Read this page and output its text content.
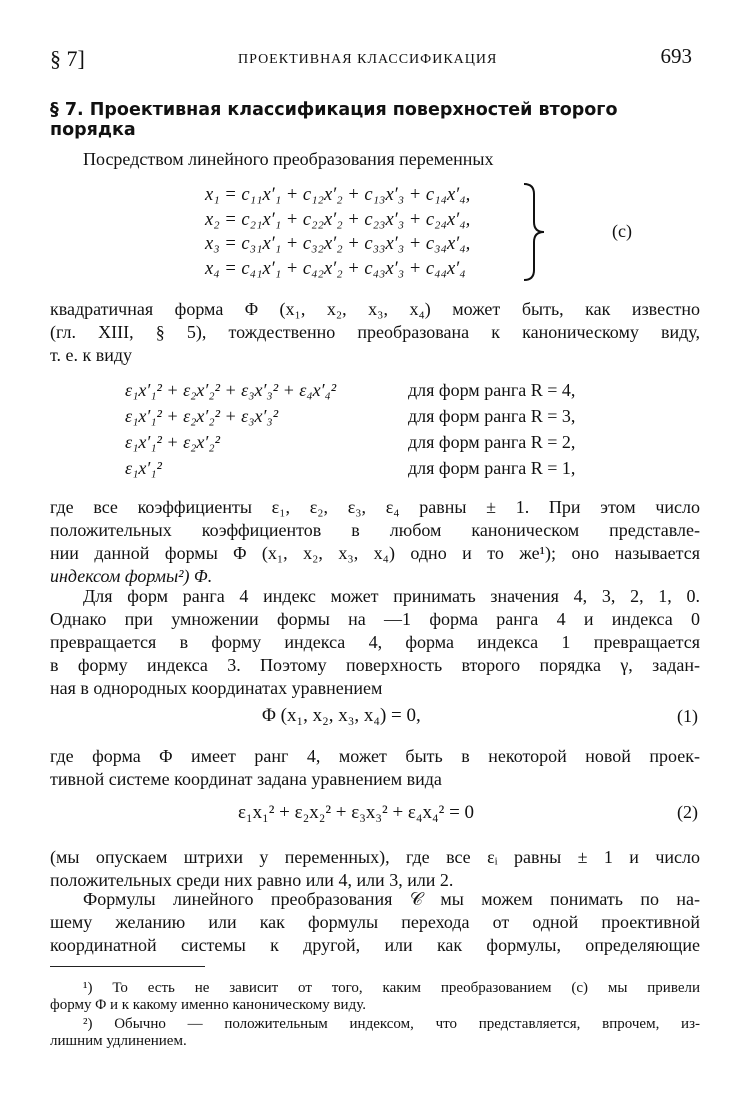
§ 7]	ПРОЕКТИВНАЯ КЛАССИФИКАЦИЯ	693
§ 7. Проективная классификация поверхностей второго порядка
Посредством линейного преобразования переменных
x₁ = c₁₁x′₁ + c₁₂x′₂ + c₁₃x′₃ + c₁₄x′₄,
x₂ = c₂₁x′₁ + c₂₂x′₂ + c₂₃x′₃ + c₂₄x′₄,
x₃ = c₃₁x′₁ + c₃₂x′₂ + c₃₃x′₃ + c₃₄x′₄,
x₄ = c₄₁x′₁ + c₄₂x′₂ + c₄₃x′₃ + c₄₄x′₄
(c)
квадратичная форма Φ (x₁, x₂, x₃, x₄) может быть, как известно
(гл. XIII, § 5), тождественно преобразована к каноническому виду,
т. е. к виду
ε₁x′₁² + ε₂x′₂² + ε₃x′₃² + ε₄x′₄²	для форм ранга R = 4,
ε₁x′₁² + ε₂x′₂² + ε₃x′₃²	для форм ранга R = 3,
ε₁x′₁² + ε₂x′₂²	для форм ранга R = 2,
ε₁x′₁²	для форм ранга R = 1,
где все коэффициенты ε₁, ε₂, ε₃, ε₄ равны ± 1. При этом число
положительных коэффициентов в любом каноническом представле-
нии данной формы Φ (x₁, x₂, x₃, x₄) одно и то же¹); оно называется
индексом формы²) Φ.
Для форм ранга 4 индекс может принимать значения 4, 3, 2, 1, 0.
Однако при умножении формы на —1 форма ранга 4 и индекса 0
превращается в форму индекса 4, форма индекса 1 превращается
в форму индекса 3. Поэтому поверхность второго порядка γ, задан-
ная в однородных координатах уравнением
Φ (x₁, x₂, x₃, x₄) = 0,	(1)
где форма Φ имеет ранг 4, может быть в некоторой новой проек-
тивной системе координат задана уравнением вида
ε₁x₁² + ε₂x₂² + ε₃x₃² + ε₄x₄² = 0	(2)
(мы опускаем штрихи у переменных), где все εᵢ равны ± 1 и число
положительных среди них равно или 4, или 3, или 2.
Формулы линейного преобразования 𝒞 мы можем понимать по на-
шему желанию или как формулы перехода от одной проективной
координатной системы к другой, или как формулы, определяющие
¹) То есть не зависит от того, каким преобразованием (c) мы привели
форму Φ и к какому именно каноническому виду.
²) Обычно — положительным индексом, что представляется, впрочем, из-
лишним удлинением.
